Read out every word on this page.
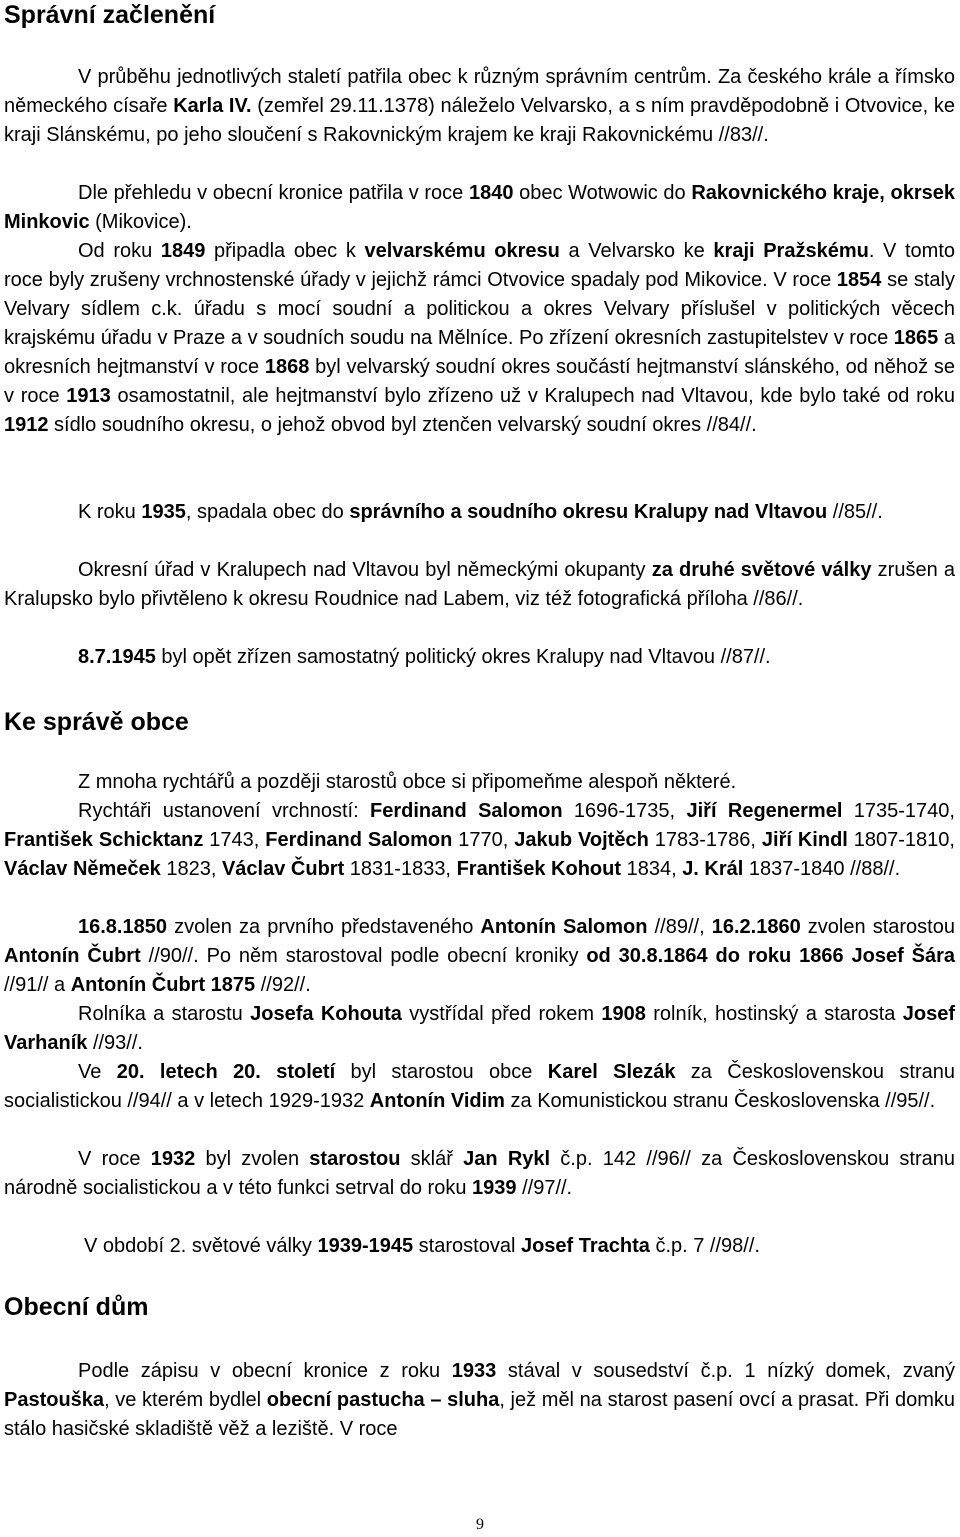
Správní začlenění

V průběhu jednotlivých staletí patřila obec k různým správním centrům. Za českého krále a římsko německého císaře Karla IV. (zemřel 29.11.1378) náleželo Velvarsko, a s ním pravděpodobně i Otvovice, ke kraji Slánskému, po jeho sloučení s Rakovnickým krajem ke kraji Rakovnickému //83//.

Dle přehledu v obecní kronice patřila v roce 1840 obec Wotwowic do Rakovnického kraje, okrsek Minkovic (Mikovice).

Od roku 1849 připadla obec k velvarskému okresu a Velvarsko ke kraji Pražskému. V tomto roce byly zrušeny vrchnostenské úřady v jejichž rámci Otvovice spadaly pod Mikovice. V roce 1854 se staly Velvary sídlem c.k. úřadu s mocí soudní a politickou a okres Velvary příslušel v politických věcech krajskému úřadu v Praze a v soudních soudu na Mělníce. Po zřízení okresních zastupitelstev v roce 1865 a okresních hejtmanství v roce 1868 byl velvarský soudní okres součástí hejtmanství slánského, od něhož se v roce 1913 osamostatnil, ale hejtmanství bylo zřízeno už v Kralupech nad Vltavou, kde bylo také od roku 1912 sídlo soudního okresu, o jehož obvod byl ztenčen velvarský soudní okres //84//.

K roku 1935, spadala obec do správního a soudního okresu Kralupy nad Vltavou //85//.

Okresní úřad v Kralupech nad Vltavou byl německými okupanty za druhé světové války zrušen a Kralupsko bylo přivtěleno k okresu Roudnice nad Labem, viz též fotografická příloha //86//.

8.7.1945 byl opět zřízen samostatný politický okres Kralupy nad Vltavou //87//.

Ke správě obce

Z mnoha rychtářů a později starostů obce si připomeňme alespoň některé.

Rychtáři ustanovení vrchností: Ferdinand Salomon 1696-1735, Jiří Regenermel 1735-1740, František Schicktanz 1743, Ferdinand Salomon 1770, Jakub Vojtěch 1783-1786, Jiří Kindl 1807-1810, Václav Němeček 1823, Václav Čubrt 1831-1833, František Kohout 1834, J. Král 1837-1840 //88//.

16.8.1850 zvolen za prvního představeného Antonín Salomon //89//, 16.2.1860 zvolen starostou Antonín Čubrt //90//. Po něm starostoval podle obecní kroniky od 30.8.1864 do roku 1866 Josef Šára //91// a Antonín Čubrt 1875 //92//.

Rolníka a starostu Josefa Kohouta vystřídal před rokem 1908 rolník, hostinský a starosta Josef Varhaník //93//.

Ve 20. letech 20. století byl starostou obce Karel Slezák za Československou stranu socialistickou //94// a v letech 1929-1932 Antonín Vidim za Komunistickou stranu Československa //95//.

V roce 1932 byl zvolen starostou sklář Jan Rykl č.p. 142 //96// za Československou stranu národně socialistickou a v této funkci setrval do roku 1939 //97//.

V období 2. světové války 1939-1945 starostoval Josef Trachta č.p. 7 //98//.

Obecní dům

Podle zápisu v obecní kronice z roku 1933 stával v sousedství č.p. 1 nízký domek, zvaný Pastouška, ve kterém bydlel obecní pastucha – sluha, jež měl na starost pasení ovcí a prasat. Při domku stálo hasičské skladiště věž a leziště. V roce

9
